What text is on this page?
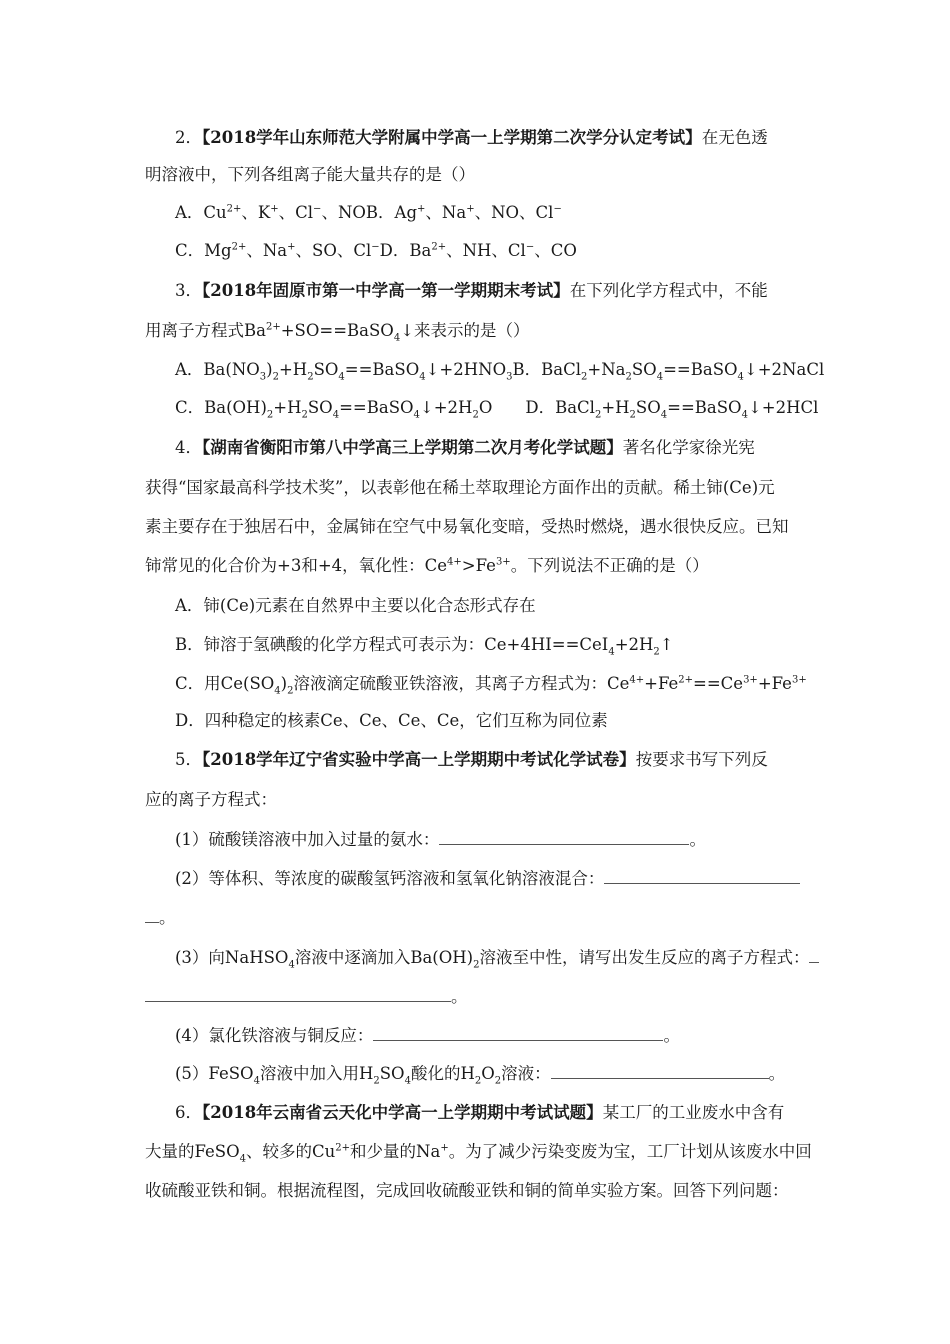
2．【2018学年山东师范大学附属中学高一上学期第二次学分认定考试】在无色透
明溶液中，下列各组离子能大量共存的是（）
A．$Cu^{2+}$、K+、Cl−、NOB．Ag+、Na+、NO、Cl−
C．$Mg^{2+}$、Na+、SO、Cl−D．$Ba^{2+}$、NH、Cl−、CO
3．【2018年固原市第一中学高一第一学期期末考试】在下列化学方程式中，不能
用离子方程式$Ba^{2+}+SO==BaSO_4↓$来表示的是（）
A．$Ba(NO_3)_2+H_2SO_4==BaSO_4↓+2HNO_3B$．$BaCl_2+Na_2SO_4==BaSO_4↓+2NaCl$
C．$Ba(OH)_2+H_2SO_4==BaSO_4↓+2H_2O$　　D．$BaCl_2+H_2SO_4==BaSO_4↓+2HCl$
4．【湖南省衡阳市第八中学高三上学期第二次月考化学试题】著名化学家徐光宪
获得“国家最高科学技术奖”，以表彰他在稀土萃取理论方面作出的贡献。稀土铈(Ce)元
素主要存在于独居石中，金属铈在空气中易氧化变暗，受热时燃烧，遇水很快反应。已知
铈常见的化合价为+3和+4，氧化性：$Ce^{4+}>Fe^{3+}$。下列说法不正确的是（）
A．铈(Ce)元素在自然界中主要以化合态形式存在
B．铈溶于氢碘酸的化学方程式可表示为：$Ce+4HI==CeI_4+2H_2↑$
C．用$Ce(SO_4)_2$溶液滴定硫酸亚铁溶液，其离子方程式为：$Ce^{4+}+Fe^{2+}==Ce^{3+}+Fe^{3+}$
D．四种稳定的核素Ce、Ce、Ce、Ce，它们互称为同位素
5．【2018学年辽宁省实验中学高一上学期期中考试化学试卷】按要求书写下列反
应的离子方程式：
(1）硫酸镁溶液中加入过量的氨水：	。
(2）等体积、等浓度的碳酸氢钙溶液和氢氧化钠溶液混合：
。
(3）向NaHSO$_4$溶液中逐滴加入$Ba(OH)_2$溶液至中性，请写出发生反应的离子方程式：
。
(4）氯化铁溶液与铜反应：	。
(5）FeSO$_4$溶液中加入用$H_2SO_4$酸化的$H_2O_2$溶液：	。
6．【2018年云南省云天化中学高一上学期期中考试试题】某工厂的工业废水中含有
大量的FeSO$_4$、较多的$Cu^{2+}$和少量的Na+。为了减少污染变废为宝，工厂计划从该废水中回
收硫酸亚铁和铜。根据流程图，完成回收硫酸亚铁和铜的简单实验方案。回答下列问题：
